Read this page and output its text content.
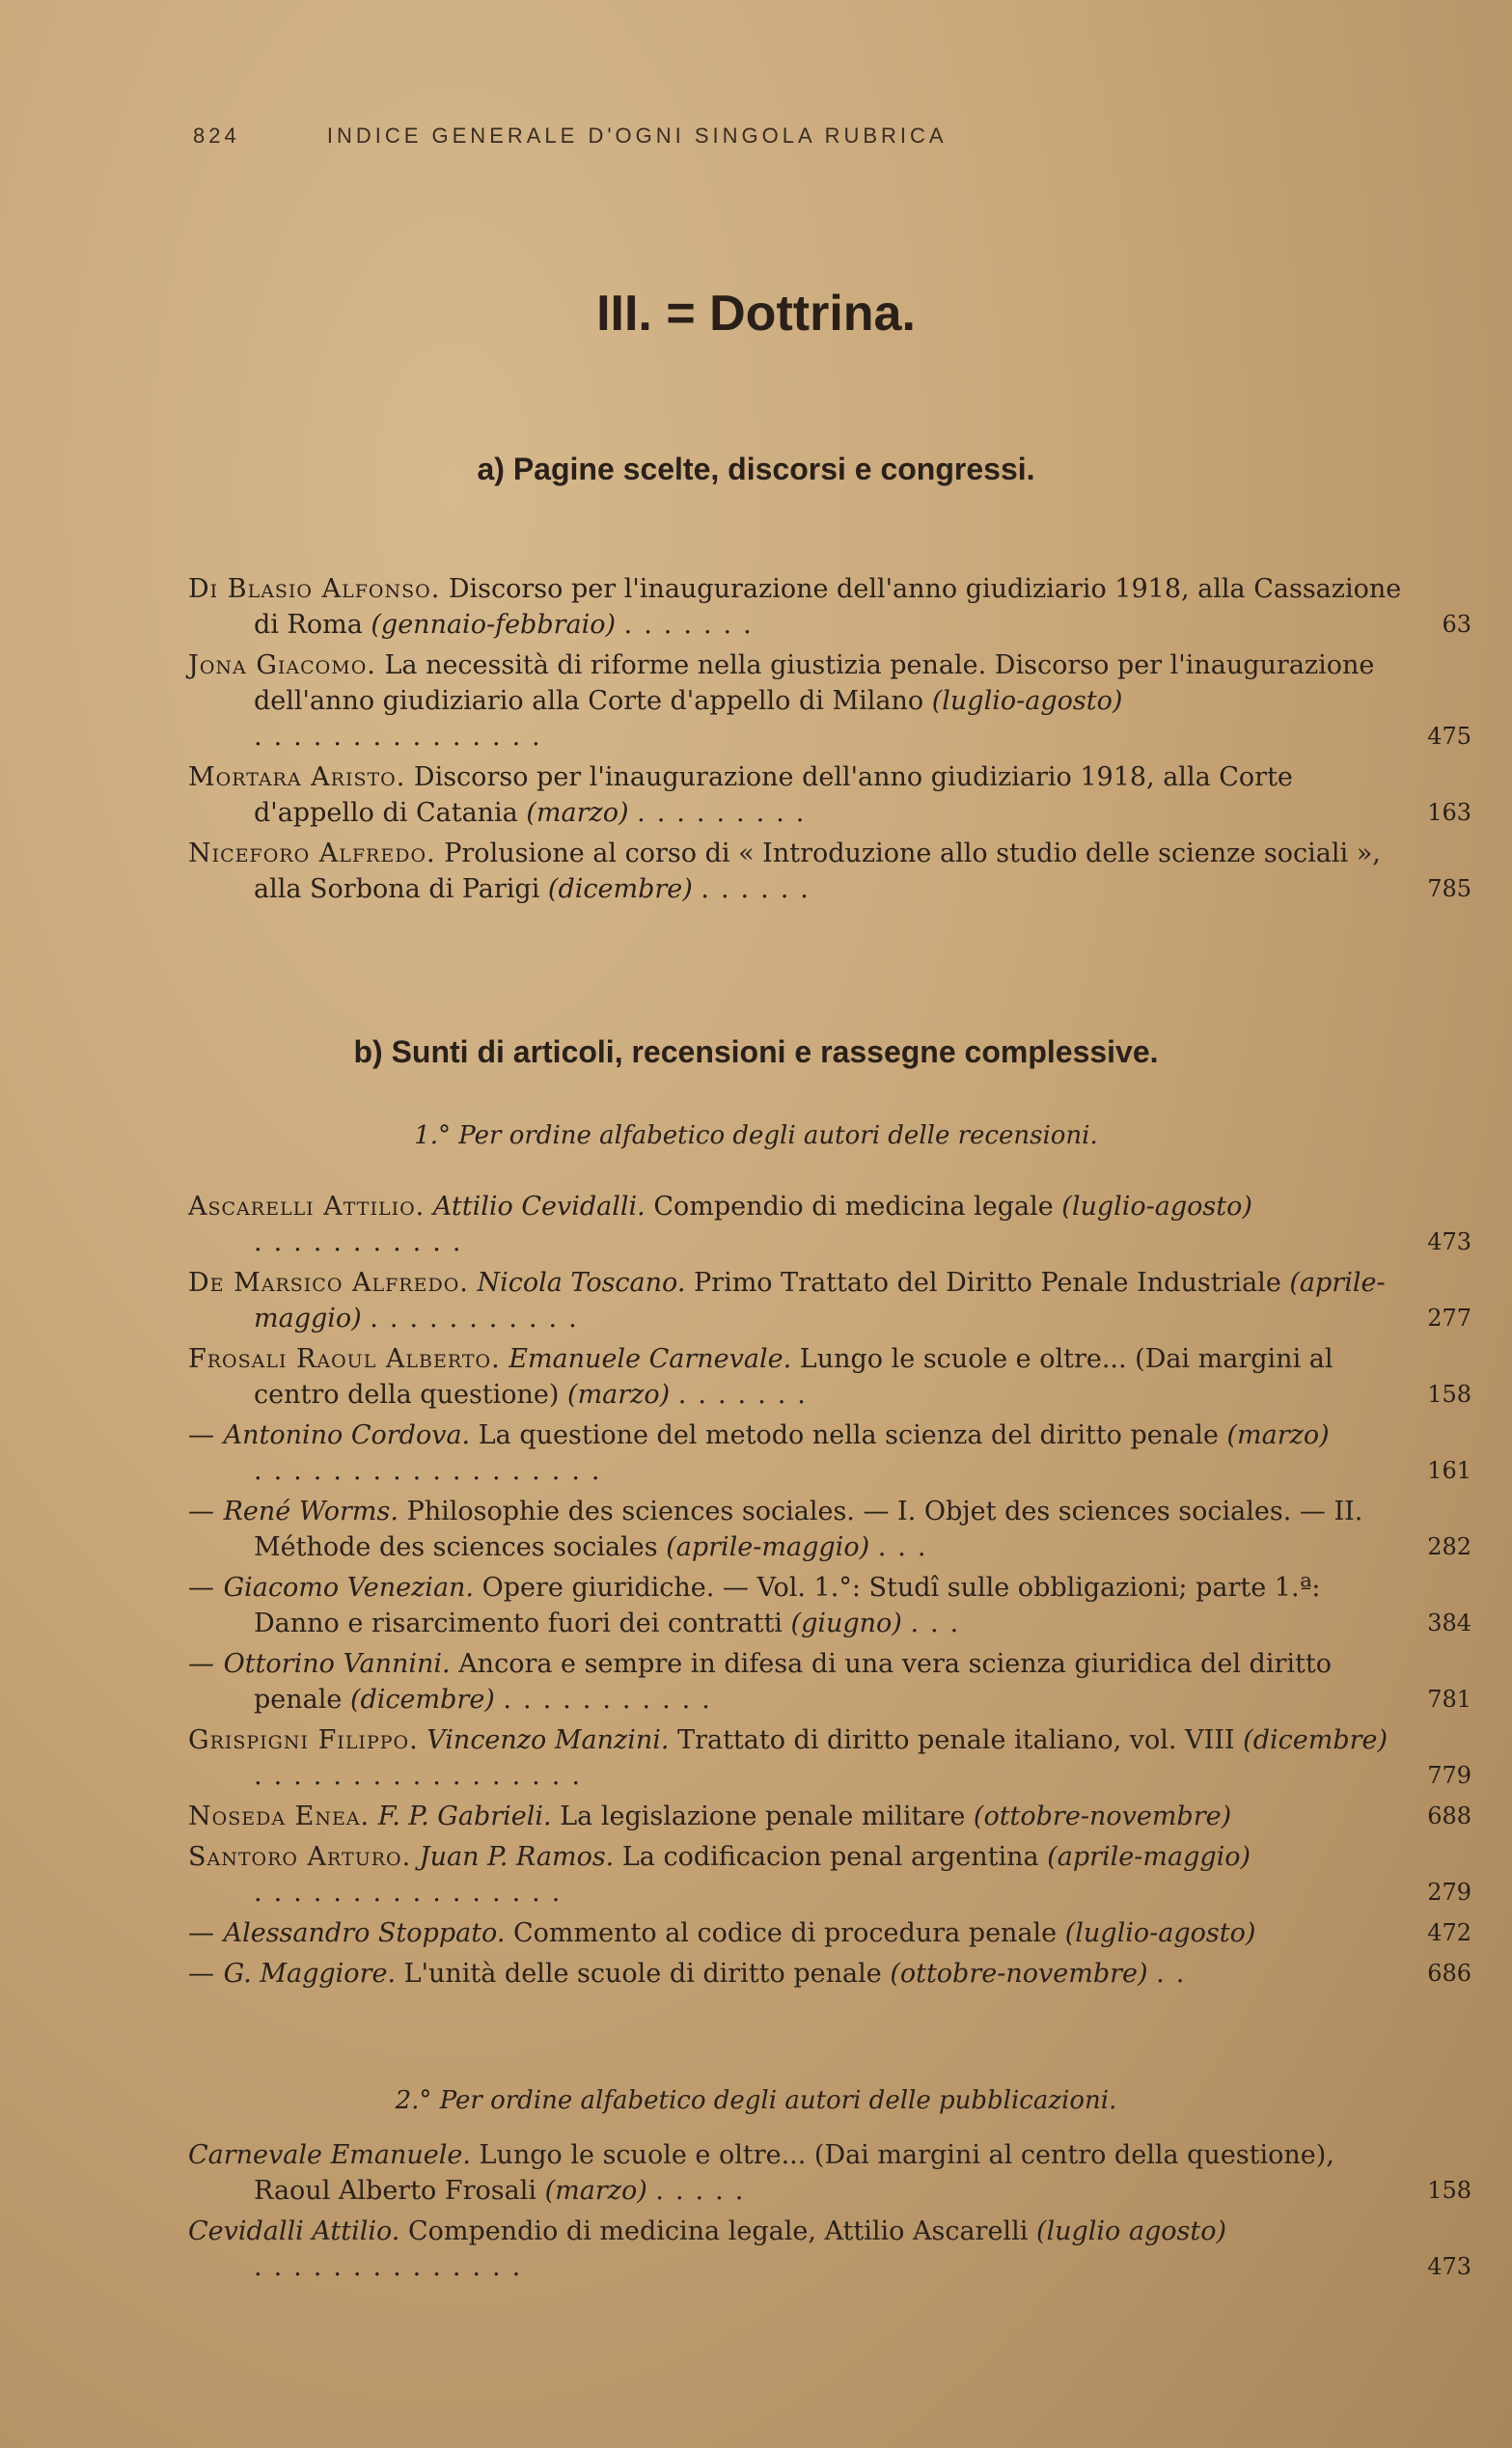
824	INDICE GENERALE D'OGNI SINGOLA RUBRICA
III. = Dottrina.
a) Pagine scelte, discorsi e congressi.
Di Blasio Alfonso. Discorso per l'inaugurazione dell'anno giudiziario 1918, alla Cassazione di Roma (gennaio-febbraio) .......	63
Jona Giacomo. La necessità di riforme nella giustizia penale. Discorso per l'inaugurazione dell'anno giudiziario alla Corte d'appello di Milano (luglio-agosto) ...............	475
Mortara Aristo. Discorso per l'inaugurazione dell'anno giudiziario 1918, alla Corte d'appello di Catania (marzo) .........	163
Niceforo Alfredo. Prolusione al corso di « Introduzione allo studio delle scienze sociali », alla Sorbona di Parigi (dicembre) ......	785
b) Sunti di articoli, recensioni e rassegne complessive.
1.° Per ordine alfabetico degli autori delle recensioni.
Ascarelli Attilio. Attilio Cevidalli. Compendio di medicina legale (luglio-agosto) ...........	473
De Marsico Alfredo. Nicola Toscano. Primo Trattato del Diritto Penale Industriale (aprile-maggio) ...........	277
Frosali Raoul Alberto. Emanuele Carnevale. Lungo le scuole e oltre... (Dai margini al centro della questione) (marzo) .......	158
— Antonino Cordova. La questione del metodo nella scienza del diritto penale (marzo) ..................	161
— René Worms. Philosophie des sciences sociales. — I. Objet des sciences sociales. — II. Méthode des sciences sociales (aprile-maggio) ...	282
— Giacomo Venezian. Opere giuridiche. — Vol. 1.°: Studî sulle obbligazioni; parte 1.ª: Danno e risarcimento fuori dei contratti (giugno) ...	384
— Ottorino Vannini. Ancora e sempre in difesa di una vera scienza giuridica del diritto penale (dicembre) ...........	781
Grispigni Filippo. Vincenzo Manzini. Trattato di diritto penale italiano, vol. VIII (dicembre) .................	779
Noseda Enea. F. P. Gabrieli. La legislazione penale militare (ottobre-novembre)	688
Santoro Arturo. Juan P. Ramos. La codificacion penal argentina (aprile-maggio) ................	279
— Alessandro Stoppato. Commento al codice di procedura penale (luglio-agosto)	472
— G. Maggiore. L'unità delle scuole di diritto penale (ottobre-novembre) ..	686
2.° Per ordine alfabetico degli autori delle pubblicazioni.
Carnevale Emanuele. Lungo le scuole e oltre... (Dai margini al centro della questione), Raoul Alberto Frosali (marzo) .....	158
Cevidalli Attilio. Compendio di medicina legale, Attilio Ascarelli (luglio agosto) ..............	473
